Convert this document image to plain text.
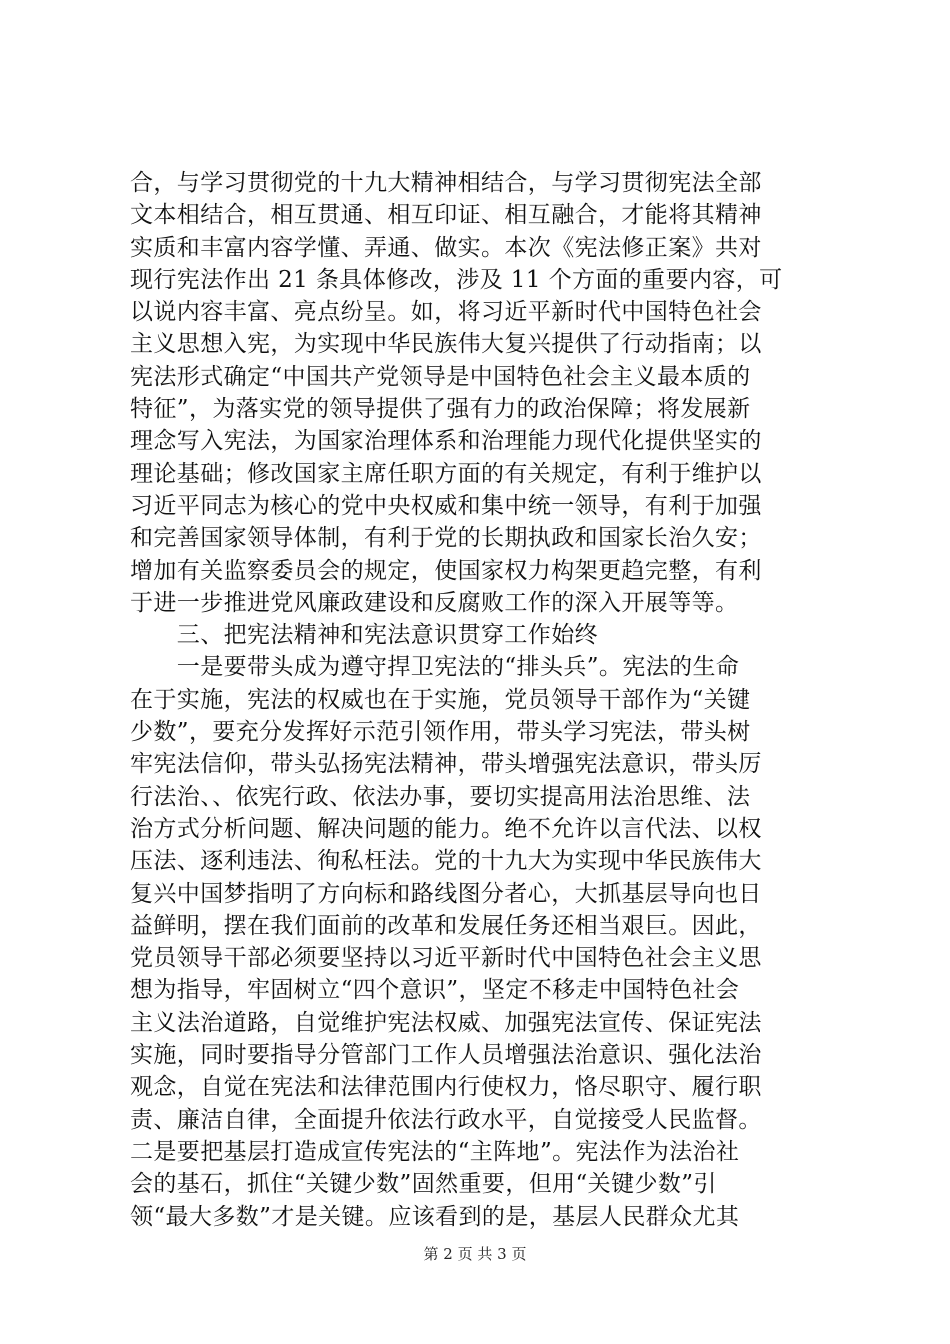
合，与学习贯彻党的十九大精神相结合，与学习贯彻宪法全部
文本相结合，相互贯通、相互印证、相互融合，才能将其精神
实质和丰富内容学懂、弄通、做实。本次《宪法修正案》共对
现行宪法作出 21 条具体修改，涉及 11 个方面的重要内容，可
以说内容丰富、亮点纷呈。如，将习近平新时代中国特色社会
主义思想入宪，为实现中华民族伟大复兴提供了行动指南；以
宪法形式确定“中国共产党领导是中国特色社会主义最本质的
特征”，为落实党的领导提供了强有力的政治保障；将发展新
理念写入宪法，为国家治理体系和治理能力现代化提供坚实的
理论基础；修改国家主席任职方面的有关规定，有利于维护以
习近平同志为核心的党中央权威和集中统一领导，有利于加强
和完善国家领导体制，有利于党的长期执政和国家长治久安；
增加有关监察委员会的规定，使国家权力构架更趋完整，有利
于进一步推进党风廉政建设和反腐败工作的深入开展等等。
　　三、把宪法精神和宪法意识贯穿工作始终
　　一是要带头成为遵守捍卫宪法的“排头兵”。宪法的生命
在于实施，宪法的权威也在于实施，党员领导干部作为“关键
少数”，要充分发挥好示范引领作用，带头学习宪法，带头树
牢宪法信仰，带头弘扬宪法精神，带头增强宪法意识，带头厉
行法治、、依宪行政、依法办事，要切实提高用法治思维、法
治方式分析问题、解决问题的能力。绝不允许以言代法、以权
压法、逐利违法、徇私枉法。党的十九大为实现中华民族伟大
复兴中国梦指明了方向标和路线图分者心，大抓基层导向也日
益鲜明，摆在我们面前的改革和发展任务还相当艰巨。因此，
党员领导干部必须要坚持以习近平新时代中国特色社会主义思
想为指导，牢固树立“四个意识”，坚定不移走中国特色社会
主义法治道路，自觉维护宪法权威、加强宪法宣传、保证宪法
实施，同时要指导分管部门工作人员增强法治意识、强化法治
观念，自觉在宪法和法律范围内行使权力，恪尽职守、履行职
责、廉洁自律，全面提升依法行政水平，自觉接受人民监督。
二是要把基层打造成宣传宪法的“主阵地”。宪法作为法治社
会的基石，抓住“关键少数”固然重要，但用“关键少数”引
领“最大多数”才是关键。应该看到的是，基层人民群众尤其
第 2 页 共 3 页
